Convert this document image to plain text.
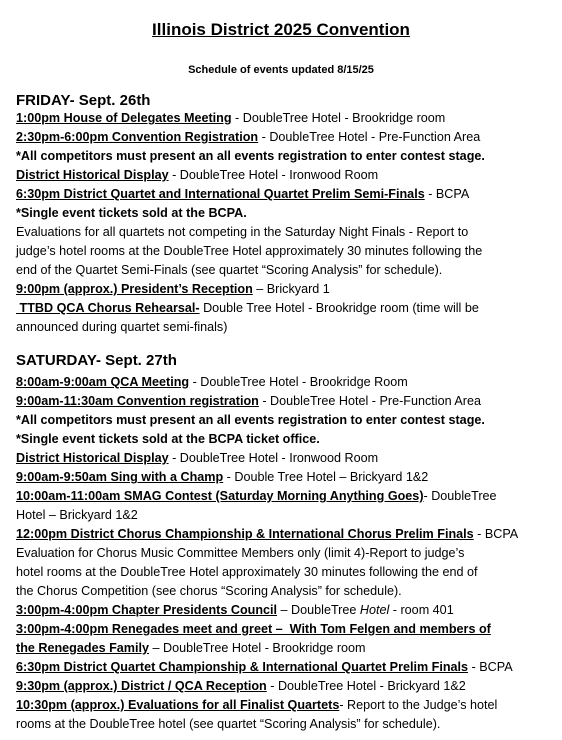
Illinois District 2025 Convention
Schedule of events updated 8/15/25
FRIDAY- Sept. 26th
1:00pm House of Delegates Meeting - DoubleTree Hotel - Brookridge room
2:30pm-6:00pm Convention Registration - DoubleTree Hotel - Pre-Function Area
*All competitors must present an all events registration to enter contest stage.
District Historical Display - DoubleTree Hotel - Ironwood Room
6:30pm District Quartet and International Quartet Prelim Semi-Finals - BCPA
*Single event tickets sold at the BCPA.
Evaluations for all quartets not competing in the Saturday Night Finals - Report to
judge’s hotel rooms at the DoubleTree Hotel approximately 30 minutes following the
end of the Quartet Semi-Finals (see quartet “Scoring Analysis” for schedule).
9:00pm (approx.) President’s Reception – Brickyard 1
TTBD QCA Chorus Rehearsal- Double Tree Hotel - Brookridge room (time will be
announced during quartet semi-finals)
SATURDAY- Sept. 27th
8:00am-9:00am QCA Meeting - DoubleTree Hotel - Brookridge Room
9:00am-11:30am Convention registration - DoubleTree Hotel - Pre-Function Area
*All competitors must present an all events registration to enter contest stage.
*Single event tickets sold at the BCPA ticket office.
District Historical Display - DoubleTree Hotel - Ironwood Room
9:00am-9:50am Sing with a Champ - Double Tree Hotel – Brickyard 1&2
10:00am-11:00am SMAG Contest (Saturday Morning Anything Goes)- DoubleTree
Hotel – Brickyard 1&2
12:00pm District Chorus Championship & International Chorus Prelim Finals - BCPA
Evaluation for Chorus Music Committee Members only (limit 4)-Report to judge’s
hotel rooms at the DoubleTree Hotel approximately 30 minutes following the end of
the Chorus Competition (see chorus “Scoring Analysis” for schedule).
3:00pm-4:00pm Chapter Presidents Council – DoubleTree Hotel - room 401
3:00pm-4:00pm Renegades meet and greet –  With Tom Felgen and members of
the Renegades Family – DoubleTree Hotel - Brookridge room
6:30pm District Quartet Championship & International Quartet Prelim Finals - BCPA
9:30pm (approx.) District / QCA Reception - DoubleTree Hotel - Brickyard 1&2
10:30pm (approx.) Evaluations for all Finalist Quartets- Report to the Judge’s hotel
rooms at the DoubleTree hotel (see quartet “Scoring Analysis” for schedule).
